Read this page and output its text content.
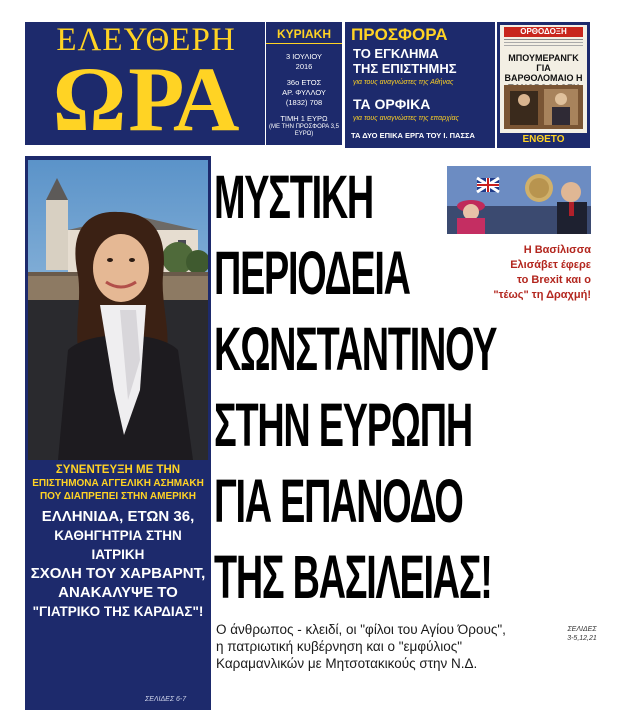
ΕΛΕΥΘΕΡΗ
ΩΡΑ
ΚΥΡΙΑΚΗ
3 ΙΟΥΛΙΟΥ
2016
36ο ΕΤΟΣ
ΑΡ. ΦΥΛΛΟΥ
(1832) 708
ΤΙΜΗ 1 ΕΥΡΩ
(ΜΕ ΤΗΝ ΠΡΟΣΦΟΡΑ 3,5 ΕΥΡΩ)
ΠΡΟΣΦΟΡΑ
ΤΟ ΕΓΚΛΗΜΑ
ΤΗΣ ΕΠΙΣΤΗΜΗΣ
για τους αναγνώστες της Αθήνας
ΤΑ ΟΡΦΙΚΑ
για τους αναγνώστες της επαρχίας
ΤΑ ΔΥΟ ΕΠΙΚΑ ΕΡΓΑ ΤΟΥ Ι. ΠΑΣΣΑ
ΟΡΘΟΔΟΞΗ
ΜΠΟΥΜΕΡΑΝΓΚ ΓΙΑ ΒΑΡΘΟΛΟΜΑΙΟ Η
ΕΝΘΕΤΟ
ΣΥΝΕΝΤΕΥΞΗ ΜΕ ΤΗΝ
ΕΠΙΣΤΗΜΟΝΑ ΑΓΓΕΛΙΚΗ ΑΣΗΜΑΚΗ
ΠΟΥ ΔΙΑΠΡΕΠΕΙ ΣΤΗΝ ΑΜΕΡΙΚΗ
ΕΛΛΗΝΙΔΑ, ΕΤΩΝ 36,
ΚΑΘΗΓΗΤΡΙΑ ΣΤΗΝ ΙΑΤΡΙΚΗ
ΣΧΟΛΗ ΤΟΥ ΧΑΡΒΑΡΝΤ,
ΑΝΑΚΑΛΥΨΕ ΤΟ
"ΓΙΑΤΡΙΚΟ ΤΗΣ ΚΑΡΔΙΑΣ"!
ΣΕΛΙΔΕΣ 6-7
ΜΥΣΤΙΚΗ
ΠΕΡΙΟΔΕΙΑ
ΚΩΝΣΤΑΝΤΙΝΟΥ
ΣΤΗΝ ΕΥΡΩΠΗ
ΓΙΑ ΕΠΑΝΟΔΟ
ΤΗΣ ΒΑΣΙΛΕΙΑΣ!
Η Βασίλισσα
Ελισάβετ έφερε
το Brexit και ο
"τέως" τη Δραχμή!
Ο άνθρωπος - κλειδί, οι "φίλοι του Αγίου Όρους",
η πατριωτική κυβέρνηση και ο "εμφύλιος"
Καραμανλικών με Μητσοτακικούς στην Ν.Δ.
ΣΕΛΙΔΕΣ
3-5,12,21
